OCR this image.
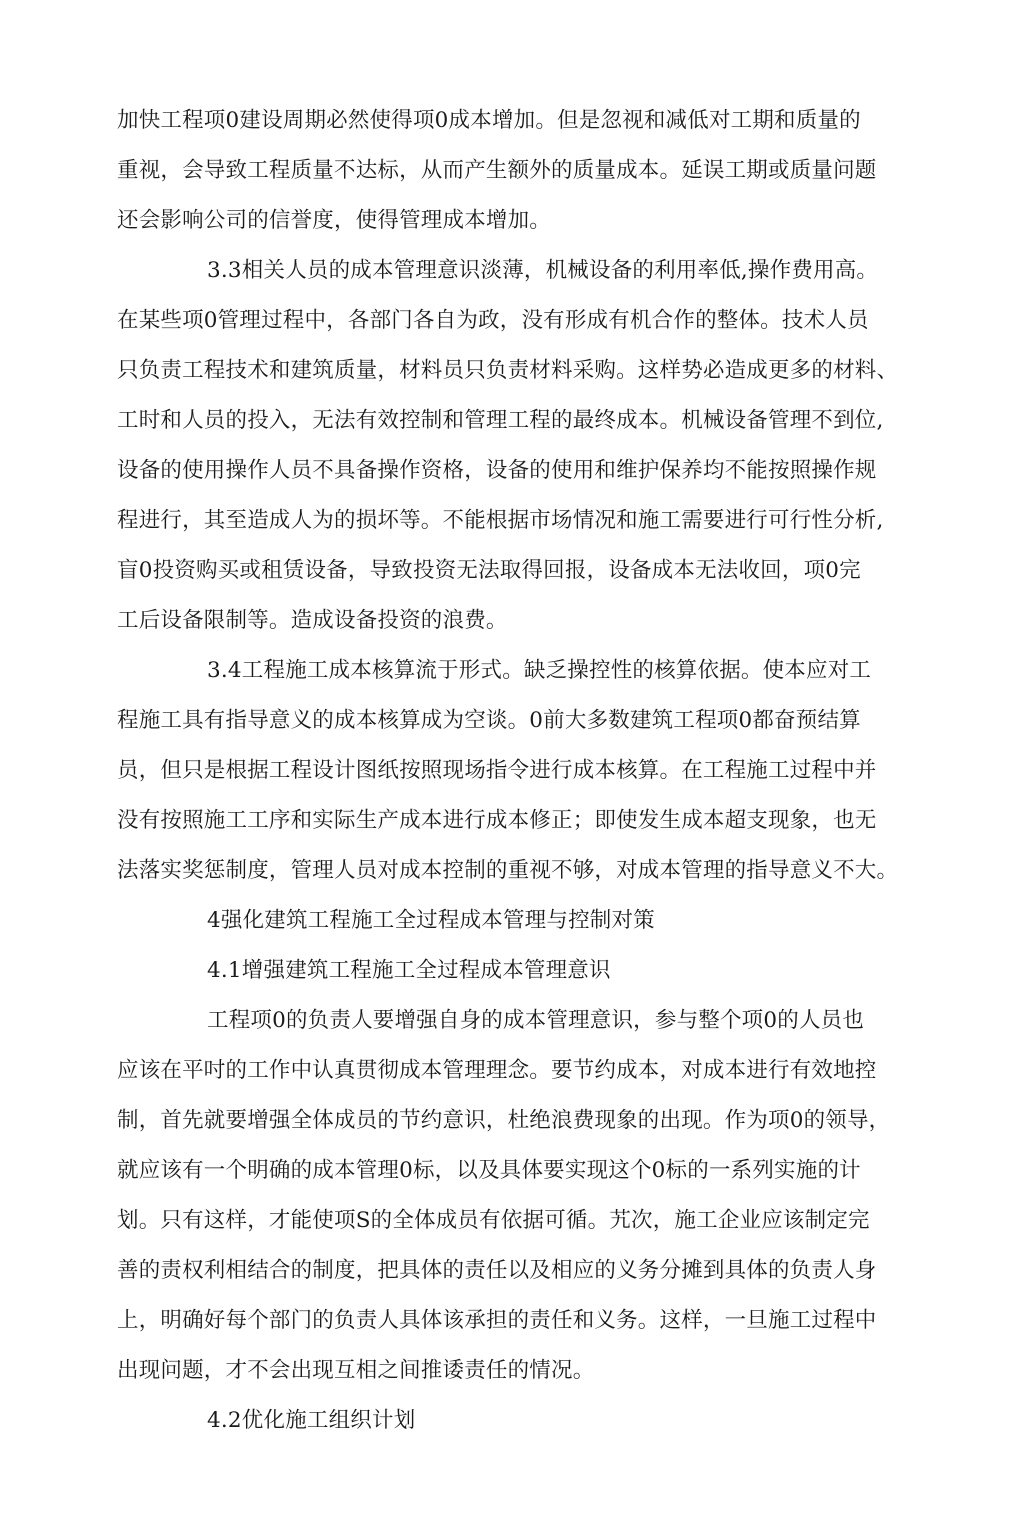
加快工程项0建设周期必然使得项0成本增加。但是忽视和减低对工期和质量的
重视，会导致工程质量不达标，从而产生额外的质量成本。延误工期或质量问题
还会影响公司的信誉度，使得管理成本增加。
3.3相关人员的成本管理意识淡薄，机械设备的利用率低,操作费用高。
在某些项0管理过程中，各部门各自为政，没有形成有机合作的整体。技术人员
只负责工程技术和建筑质量，材料员只负责材料采购。这样势必造成更多的材料、
工时和人员的投入，无法有效控制和管理工程的最终成本。机械设备管理不到位,
设备的使用操作人员不具备操作资格，设备的使用和维护保养均不能按照操作规
程进行，其至造成人为的损坏等。不能根据市场情况和施工需要进行可行性分析,
盲0投资购买或租赁设备，导致投资无法取得回报，设备成本无法收回，项0完
工后设备限制等。造成设备投资的浪费。
3.4工程施工成本核算流于形式。缺乏操控性的核算依据。使本应对工
程施工具有指导意义的成本核算成为空谈。0前大多数建筑工程项0都奋预结算
员，但只是根据工程设计图纸按照现场指令进行成本核算。在工程施工过程中并
没有按照施工工序和实际生产成本进行成本修正；即使发生成本超支现象，也无
法落实奖惩制度，管理人员对成本控制的重视不够，对成本管理的指导意义不大。
4强化建筑工程施工全过程成本管理与控制对策
4.1增强建筑工程施工全过程成本管理意识
工程项0的负责人要增强自身的成本管理意识，参与整个项0的人员也
应该在平吋的工作中认真贯彻成本管理理念。要节约成本，对成本进行有效地控
制，首先就要增强全体成员的节约意识，杜绝浪费现象的出现。作为项0的领导，
就应该有一个明确的成本管理0标，以及具体要实现这个0标的一系列实施的计
划。只有这样，才能使项S的全体成员有依据可循。艽次，施工企业应该制定完
善的责权利相结合的制度，把具体的责任以及相应的义务分摊到具体的负责人身
上，明确好每个部门的负责人具体该承担的责任和义务。这样，一旦施工过程中
出现问题，才不会出现互相之间推诿责任的情况。
4.2优化施工组织计划
